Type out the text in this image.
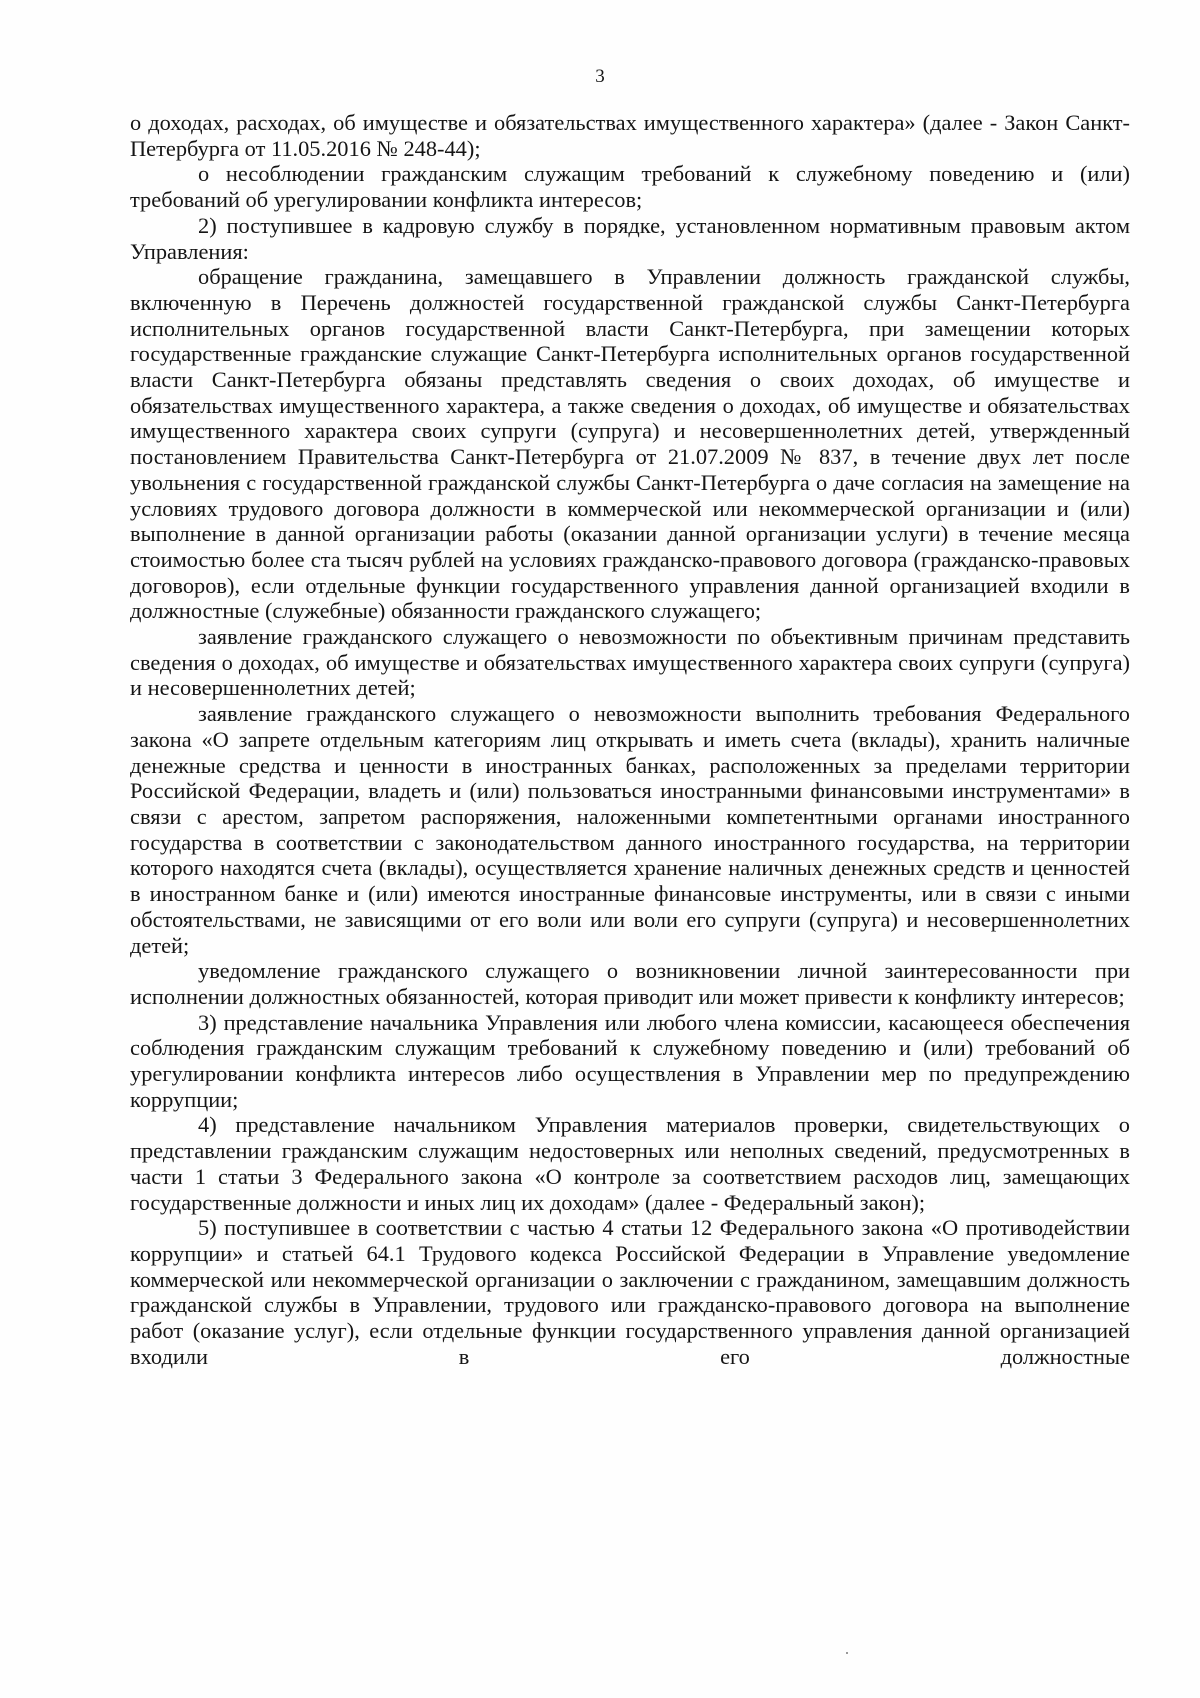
3

о доходах, расходах, об имуществе и обязательствах имущественного характера» (далее - Закон Санкт-Петербурга от 11.05.2016 № 248-44);

о несоблюдении гражданским служащим требований к служебному поведению и (или) требований об урегулировании конфликта интересов;

2) поступившее в кадровую службу в порядке, установленном нормативным правовым актом Управления:

обращение гражданина, замещавшего в Управлении должность гражданской службы, включенную в Перечень должностей государственной гражданской службы Санкт-Петербурга исполнительных органов государственной власти Санкт-Петербурга, при замещении которых государственные гражданские служащие Санкт-Петербурга исполнительных органов государственной власти Санкт-Петербурга обязаны представлять сведения о своих доходах, об имуществе и обязательствах имущественного характера, а также сведения о доходах, об имуществе и обязательствах имущественного характера своих супруги (супруга) и несовершеннолетних детей, утвержденный постановлением Правительства Санкт-Петербурга от 21.07.2009 № 837, в течение двух лет после увольнения с государственной гражданской службы Санкт-Петербурга о даче согласия на замещение на условиях трудового договора должности в коммерческой или некоммерческой организации и (или) выполнение в данной организации работы (оказании данной организации услуги) в течение месяца стоимостью более ста тысяч рублей на условиях гражданско-правового договора (гражданско-правовых договоров), если отдельные функции государственного управления данной организацией входили в должностные (служебные) обязанности гражданского служащего;

заявление гражданского служащего о невозможности по объективным причинам представить сведения о доходах, об имуществе и обязательствах имущественного характера своих супруги (супруга) и несовершеннолетних детей;

заявление гражданского служащего о невозможности выполнить требования Федерального закона «О запрете отдельным категориям лиц открывать и иметь счета (вклады), хранить наличные денежные средства и ценности в иностранных банках, расположенных за пределами территории Российской Федерации, владеть и (или) пользоваться иностранными финансовыми инструментами» в связи с арестом, запретом распоряжения, наложенными компетентными органами иностранного государства в соответствии с законодательством данного иностранного государства, на территории которого находятся счета (вклады), осуществляется хранение наличных денежных средств и ценностей в иностранном банке и (или) имеются иностранные финансовые инструменты, или в связи с иными обстоятельствами, не зависящими от его воли или воли его супруги (супруга) и несовершеннолетних детей;

уведомление гражданского служащего о возникновении личной заинтересованности при исполнении должностных обязанностей, которая приводит или может привести к конфликту интересов;

3) представление начальника Управления или любого члена комиссии, касающееся обеспечения соблюдения гражданским служащим требований к служебному поведению и (или) требований об урегулировании конфликта интересов либо осуществления в Управлении мер по предупреждению коррупции;

4) представление начальником Управления материалов проверки, свидетельствующих о представлении гражданским служащим недостоверных или неполных сведений, предусмотренных в части 1 статьи 3 Федерального закона «О контроле за соответствием расходов лиц, замещающих государственные должности и иных лиц их доходам» (далее - Федеральный закон);

5) поступившее в соответствии с частью 4 статьи 12 Федерального закона «О противодействии коррупции» и статьей 64.1 Трудового кодекса Российской Федерации в Управление уведомление коммерческой или некоммерческой организации о заключении с гражданином, замещавшим должность гражданской службы в Управлении, трудового или гражданско-правового договора на выполнение работ (оказание услуг), если отдельные функции государственного управления данной организацией входили в его должностные
